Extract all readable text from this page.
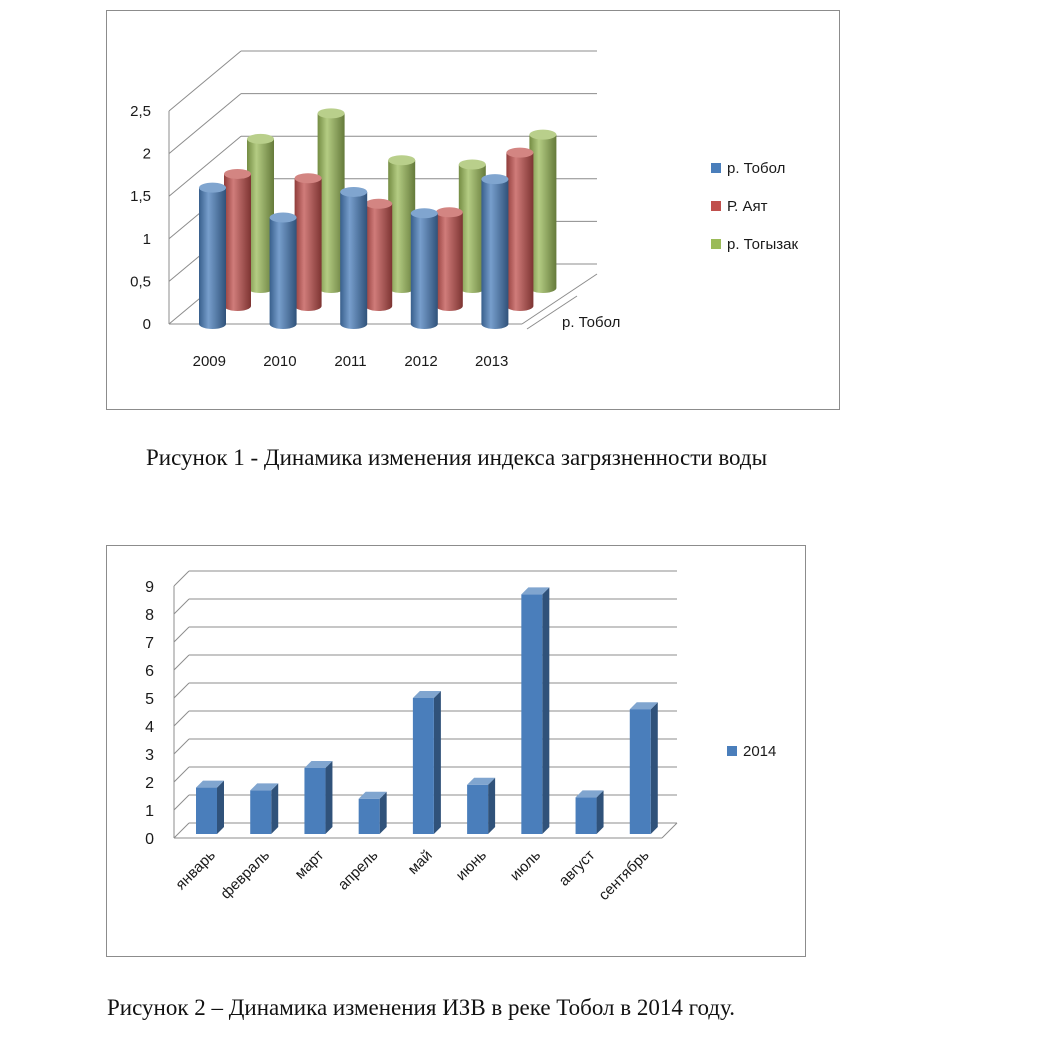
0
0,5
1
1,5
2
2,5
р. Тобол
2009 2010	2011	2012 2013
р. Тобол
Р. Аят
р. Тогызак
0
1
2
3
4
5
6
7
8
9
январь
февраль март апрель май июнь июль август
сентябрь
2014
Рисунок 1 - Динамика изменения индекса загрязненности воды
Рисунок 2 – Динамика изменения ИЗВ в реке Тобол в 2014 году.
